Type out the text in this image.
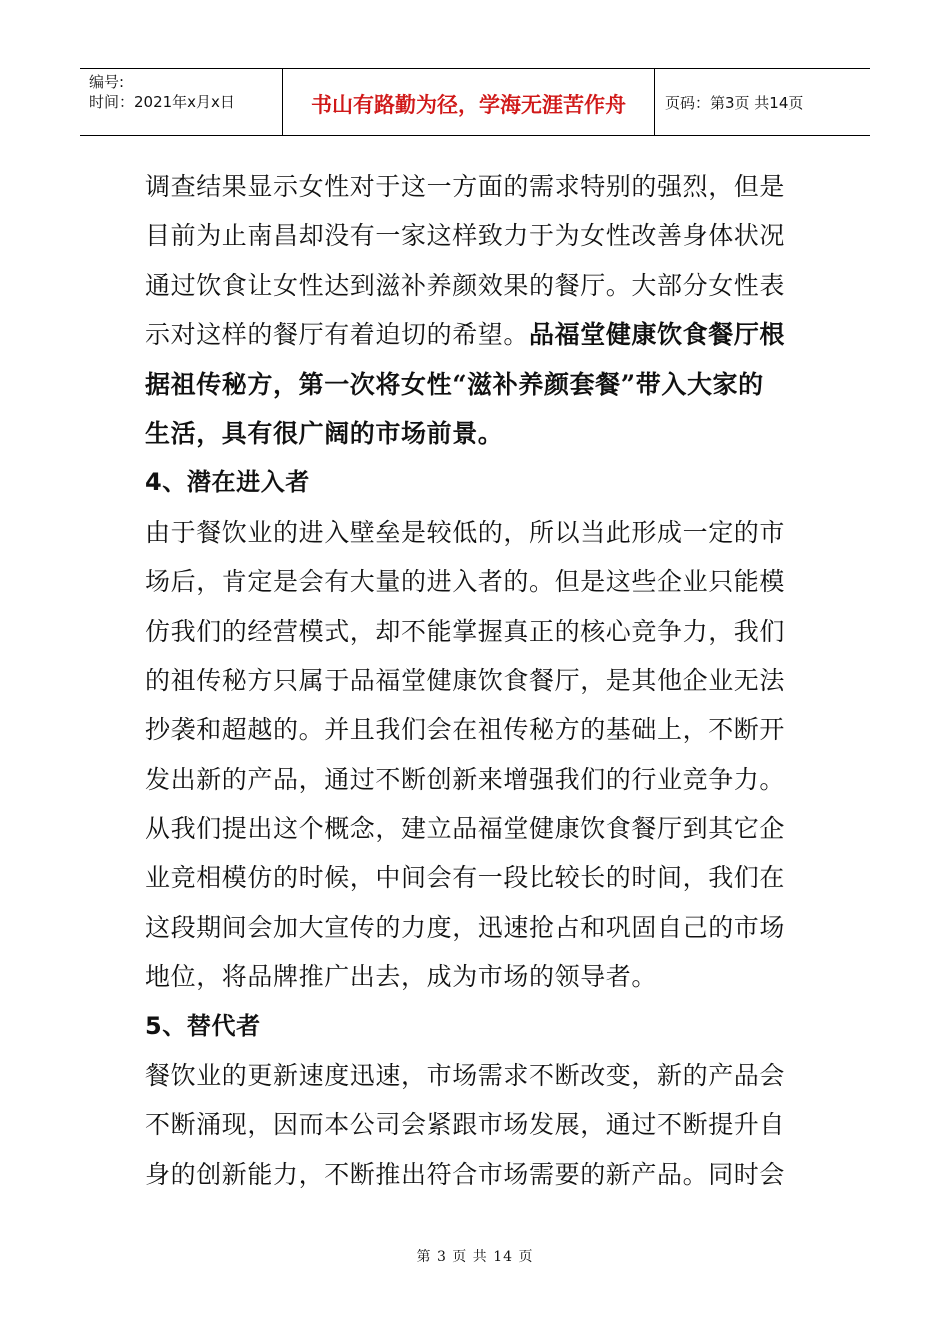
编号:
时间：2021年x月x日	书山有路勤为径，学海无涯苦作舟	页码：第3页 共14页
调查结果显示女性对于这一方面的需求特别的强烈，但是
目前为止南昌却没有一家这样致力于为女性改善身体状况
通过饮食让女性达到滋补养颜效果的餐厅。大部分女性表
示对这样的餐厅有着迫切的希望。品福堂健康饮食餐厅根
据祖传秘方，第一次将女性“滋补养颜套餐”带入大家的
生活，具有很广阔的市场前景。
4、潜在进入者
由于餐饮业的进入壁垒是较低的，所以当此形成一定的市
场后，肯定是会有大量的进入者的。但是这些企业只能模
仿我们的经营模式，却不能掌握真正的核心竞争力，我们
的祖传秘方只属于品福堂健康饮食餐厅，是其他企业无法
抄袭和超越的。并且我们会在祖传秘方的基础上，不断开
发出新的产品，通过不断创新来增强我们的行业竞争力。
从我们提出这个概念，建立品福堂健康饮食餐厅到其它企
业竞相模仿的时候，中间会有一段比较长的时间，我们在
这段期间会加大宣传的力度，迅速抢占和巩固自己的市场
地位，将品牌推广出去，成为市场的领导者。
5、替代者
餐饮业的更新速度迅速，市场需求不断改变，新的产品会
不断涌现，因而本公司会紧跟市场发展，通过不断提升自
身的创新能力，不断推出符合市场需要的新产品。同时会
第 3 页 共 14 页
